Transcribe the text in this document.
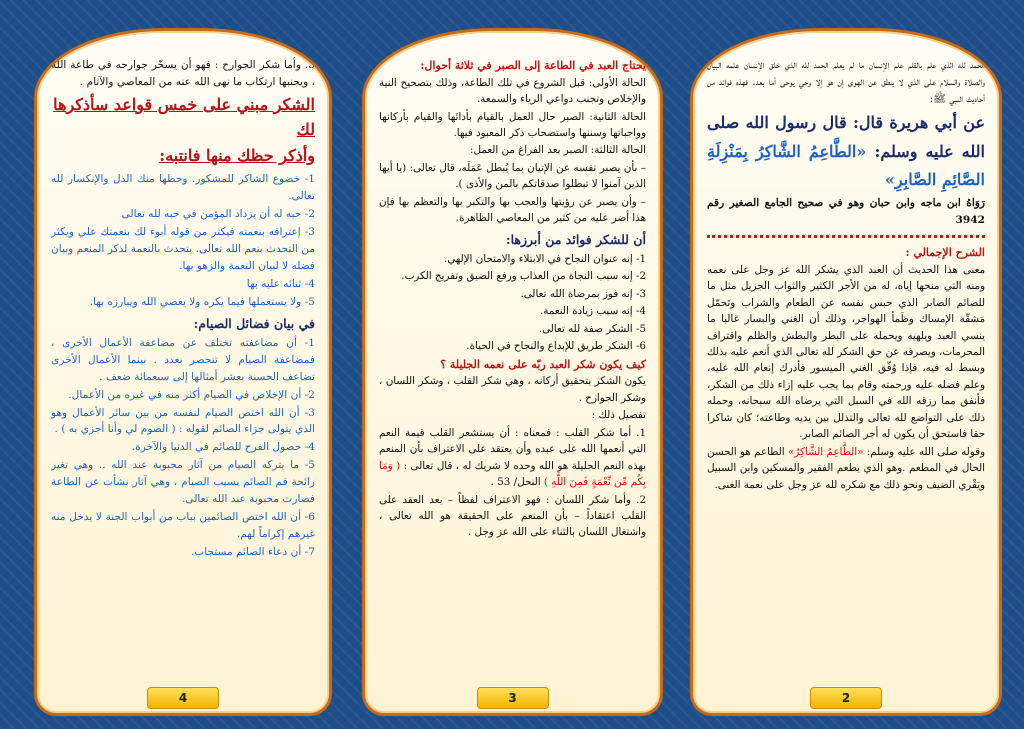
3. وأما شكر الجوارح : فهو أن يسخّر جوارحه في طاعة الله ، ويجنبها ارتكاب ما نهى الله عنه من المعاصي والآثام .

الشكر مبني على خمس قواعد سأذكرها لك
وأذكر حظك منها فانتبه:

1- خضوع الشاكر للمشكور. وحظها منك الذل والإنكسار لله تعالى.

2- حبه له أن يزداد المؤمن في حبه لله تعالى

3- إعترافه بنعمته فيكثر من قوله أبوء لك بنعمتك علي ويكثر من التحدث بنعم الله تعالى. يتحدث بالنعمة لذكر المنعم وبيان فضله لا لبيان النعمة والزهو بها.

4- ثنائه عليه بها

5- ولا يستعملها فيما يكره ولا يعصي الله ويبارزه بها.

في بيان فضائل الصيام:

1- أن مضاعفته تختلف عن مضاعفة الأعمال الأخرى ، فمضاعفة الصيام لا تنحصر بعدد . بينما الأعمال الأخرى تضاعف الحسنة بعشر أمثالها إلى سبعمائة ضعف .

2- أن الإخلاص في الصيام أكثر منه في غيره من الأعمال.

3- أن الله اختص الصيام لنفسه من بين سائر الأعمال وهو الذي يتولى جزاء الصائم لقوله : ( الصوم لي وأنا أجزي به ) .

4- حصول الفرح للصائم في الدنيا والآخرة.

5- ما يتركه الصيام من آثار محبوبة عند الله .. وهي تغير رائحة فم الصائم بسبب الصيام ، وهي آثار نشأت عن الطاعة فصارت محبوبة عند الله تعالى.

6- أن الله اختص الصائمين بباب من أبواب الجنة لا يدخل منه غيرهم إكراماً لهم.

7- أن دعاء الصائم مستجاب.

4
يحتاج العبد في الطاعة إلى الصبر في ثلاثة أحوال:

الحالة الأولى: قبل الشروع في تلك الطاعة، وذلك بتصحيح النية والإخلاص وتجنب دواعي الرياء والسمعة.

الحالة الثانية: الصبر حال العمل بالقيام بأدائها والقيام بأركانها وواجباتها وسننها واستصحاب ذكر المعبود فيها.

الحالة الثالثة: الصبر بعد الفراغ من العمل:

– بأن يصبر نفسه عن الإتيان بما يُبطل عَمَلَه، قال تعالى: (يا أيها الذين آمنوا لا تبطلوا صدقاتكم بالمن والأذى ).

– وأن يصبر عن رؤيتها والعجب بها والتكبر بها والتعظم بها فإن هذا أضر عليه من كثير من المعاصي الظاهرة.

أن للشكر فوائد من أبرزها:

1- إنه عنوان النجاح في الابتلاء والامتحان الإلهي.

2- إنه سبب النجاة من العذاب ورفع الضيق وتفريج الكرب.

3- إنه فوز بمرضاة الله تعالى.

4- إنه سبب زيادة النعمة.

5- الشكر صفة لله تعالى.

6- الشكر طريق للإبداع والنجاح في الحياة.

كيف يكون شكر العبد ربّه على نعمه الجليلة ؟

يكون الشكر بتحقيق أركانه ، وهي شكر القلب ، وشكر اللسان ، وشكر الجوارح .

تفصيل ذلك :

1. أما شكر القلب : فمعناه : أن يستشعر القلب قيمة النعم التي أنعمها الله على عبده وأن يعتقد على الاعتراف بأن المنعم بهذه النعم الجليلة هو الله وحده لا شريك له ، قال تعالى : ( وَمَا بِكُم مِّن نِّعْمَةٍ فَمِنَ اللَّهِ ) النحل/ 53 .

2. وأما شكر اللسان : فهو الاعتراف لفظاً – بعد العقد على القلب اعتقاداً – بأن المنعم على الحقيقة هو الله تعالى ، واشتغال اللسان بالثناء على الله عز وجل .

3

الحمد لله الذي علم بالقلم علم الإنسان ما لم يعلم الحمد لله الذي خلق الإنسان علمه البيان والصلاة والسلام على الذي لا ينطق عن الهوى إن هو إلا وحي يوحى أما بعد. فهذه فوائد من أحاديث النبي ﷺ:

عن أبي هريرة قال: قال رسول الله صلى الله عليه وسلم: «الطَّاعِمُ الشَّاكِرُ بِمَنْزِلَةِ الصَّائِمِ الصَّابِرِ»

رَوَاهُ ابن ماجه وابن حبان وهو في صحيح الجامع الصغير رقم 3942

الشرح الإجمالي :

معنى هذا الحديث أن العبد الذي يشكر الله عز وجل على نعمه ومنه التي منحها إياه، له من الأجر الكثير والثواب الجزيل مثل ما للصائم الصابر الذي حبس نفسه عن الطعام والشراب وتَحمّل مَشقّة الإمساك وظَمأ الهواجر، وذلك أن الغني والبسار غالبا ما ينسي العبد ويلهيه ويحمله على البطر والبطش والظلم واقتراف المحرمات، ويصرفه عن حق الشكر لله تعالى الذي أنعم عليه بذلك وبسط له فيه، فإذا وُفّق الغني الميسور فأدرك إنعام الله عليه، وعلم فضله عليه ورحمته وقام بما يجب عليه إزاء ذلك من الشكر، فأنفق مما رزقه الله في السبل التي يرضاه الله سبحانه، وحمله ذلك على التواضع لله تعالى والتذلل بين يديه وطاعته؛ كان شاكرا حقا فاستحق أن يكون له أجر الصائم الصابر.

وقوله صلى الله عليه وسلم: «الطَّاعِمُ الشَّاكِرُ» الطاعم هو الحسن الحال في المطعم .وهو الذي يطعم الفقير والمسكين وابن السبيل ويَقْري الضيف ونحو ذلك مع شكره لله عز وجل على نعمة الغنى.

2
